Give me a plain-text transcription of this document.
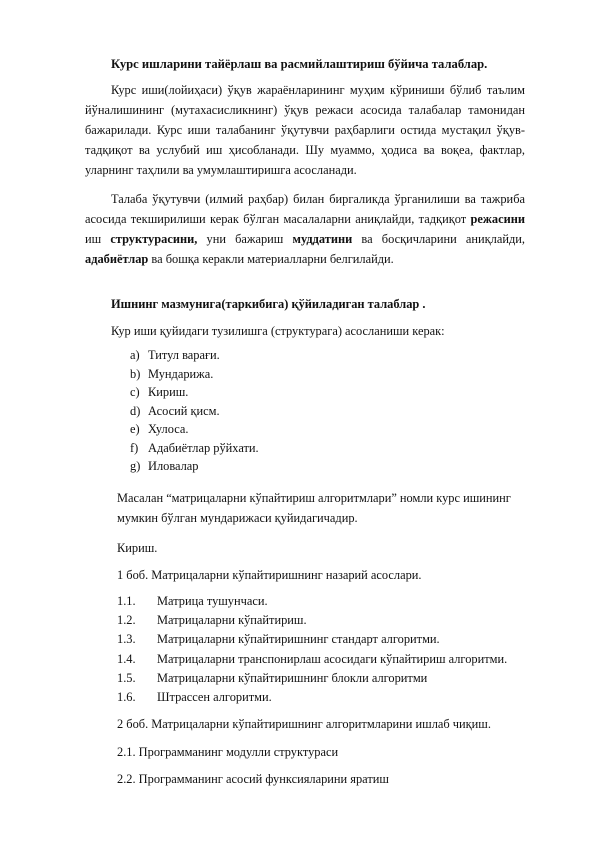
Курс ишларини тайёрлаш ва расмийлаштириш бўйича талаблар.

Курс иши(лойиҳаси) ўқув жараёнларининг муҳим кўриниши бўлиб таълим йўналишининг (мутахасисликнинг) ўқув режаси асосида талабалар тамонидан бажарилади. Курс иши талабанинг ўқутувчи раҳбарлиги остида мустақил ўқув-тадқиқот ва услубий иш ҳисобланади. Шу муаммо, ҳодиса ва воқеа, фактлар, уларнинг таҳлили ва умумлаштиришга асосланади.

Талаба ўқутувчи (илмий раҳбар) билан биргаликда ўрганилиши ва тажриба асосида текширилиши керак бўлган масалаларни аниқлайди, тадқиқот режасини иш структурасини, уни бажариш муддатини ва босқичларини аниқлайди, адабиётлар ва бошқа керакли материалларни белгилайди.

Ишнинг мазмунига(таркибига) қўйиладиган талаблар .
Кур иши қуйидаги тузилишга (структурага) асосланиши керак:
a) Титул варағи.
b) Мундарижа.
c) Кириш.
d) Асосий қисм.
e) Хулоса.
f) Адабиётлар рўйхати.
g) Иловалар

Масалан “матрицаларни кўпайтириш алгоритмлари” номли курс ишининг мумкин бўлган мундарижаси қуйидагичадир.

Кириш.
1 боб. Матрицаларни кўпайтиришнинг назарий асослари.
1.1. Матрица тушунчаси.
1.2. Матрицаларни кўпайтириш.
1.3. Матрицаларни кўпайтиришнинг стандарт алгоритми.
1.4. Матрицаларни транспонирлаш асосидаги кўпайтириш алгоритми.
1.5. Матрицаларни кўпайтиришнинг блокли алгоритми
1.6. Штрассен алгоритми.
2 боб. Матрицаларни кўпайтиришнинг алгоритмларини ишлаб чиқиш.
2.1. Программанинг модулли структураси
2.2. Программанинг асосий функсияларини яратиш
